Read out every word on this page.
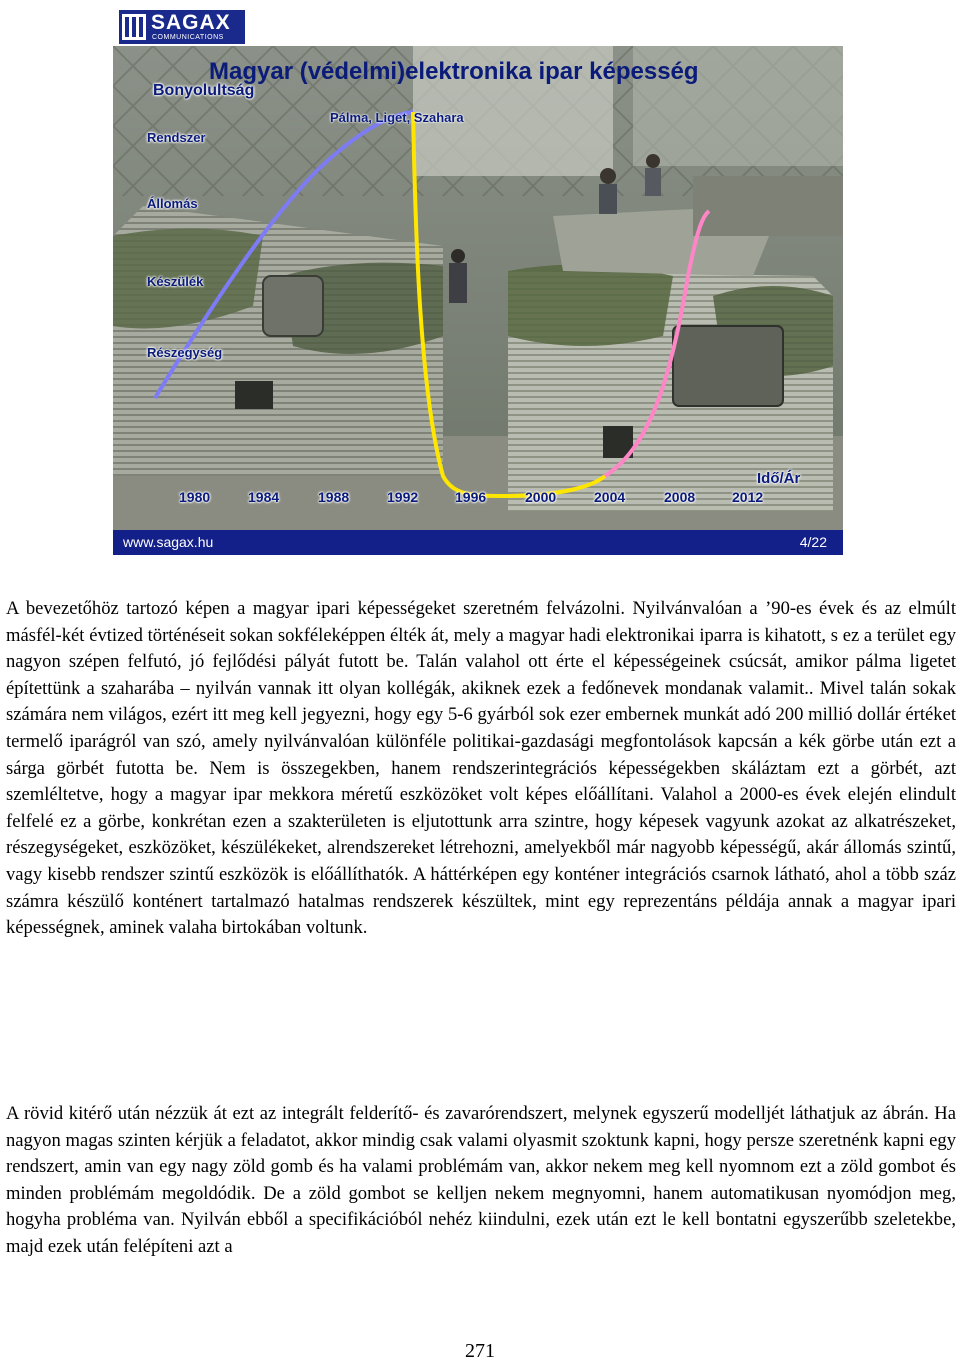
SAGAX
COMMUNICATIONS
Magyar (védelmi)elektronika ipar képesség
Bonyolultság
Pálma, Liget, Szahara
Rendszer
Állomás
Készülék
Részegység
1980	1984	1988	1992	1996	2000	2004	2008	2012
Idő/Ár
www.sagax.hu	4/22

A bevezetőhöz tartozó képen a magyar ipari képességeket szeretném felvázolni. Nyilvánvalóan a ’90-es évek és az elmúlt másfél-két évtized történéseit sokan sokféleképpen élték át, mely a magyar hadi elektronikai iparra is kihatott, s ez a terület egy nagyon szépen felfutó, jó fejlődési pályát futott be. Talán valahol ott érte el képességeinek csúcsát, amikor pálma ligetet építettünk a szaharába – nyilván vannak itt olyan kollégák, akiknek ezek a fedőnevek mondanak valamit.. Mivel talán sokak számára nem világos, ezért itt meg kell jegyezni, hogy egy 5-6 gyárból sok ezer embernek munkát adó 200 millió dollár értéket termelő iparágról van szó, amely nyilvánvalóan különféle politikai-gazdasági megfontolások kapcsán a kék görbe után ezt a sárga görbét futotta be. Nem is összegekben, hanem rendszerintegrációs képességekben skáláztam ezt a görbét, azt szemléltetve, hogy a magyar ipar mekkora méretű eszközöket volt képes előállítani. Valahol a 2000-es évek elején elindult felfelé ez a görbe, konkrétan ezen a szakterületen is eljutottunk arra szintre, hogy képesek vagyunk azokat az alkatrészeket, részegységeket, eszközöket, készülékeket, alrendszereket létrehozni, amelyekből már nagyobb képességű, akár állomás szintű, vagy kisebb rendszer szintű eszközök is előállíthatók. A háttérképen egy konténer integrációs csarnok látható, ahol a több száz számra készülő konténert tartalmazó hatalmas rendszerek készültek, mint egy reprezentáns példája annak a magyar ipari képességnek, aminek valaha birtokában voltunk.

A rövid kitérő után nézzük át ezt az integrált felderítő- és zavarórendszert, melynek egyszerű modelljét láthatjuk az ábrán. Ha nagyon magas szinten kérjük a feladatot, akkor mindig csak valami olyasmit szoktunk kapni, hogy persze szeretnénk kapni egy rendszert, amin van egy nagy zöld gomb és ha valami problémám van, akkor nekem meg kell nyomnom ezt a zöld gombot és minden problémám megoldódik. De a zöld gombot se kelljen nekem megnyomni, hanem automatikusan nyomódjon meg, hogyha probléma van. Nyilván ebből a specifikációból nehéz kiindulni, ezek után ezt le kell bontatni egyszerűbb szeletekbe, majd ezek után felépíteni azt a

271
